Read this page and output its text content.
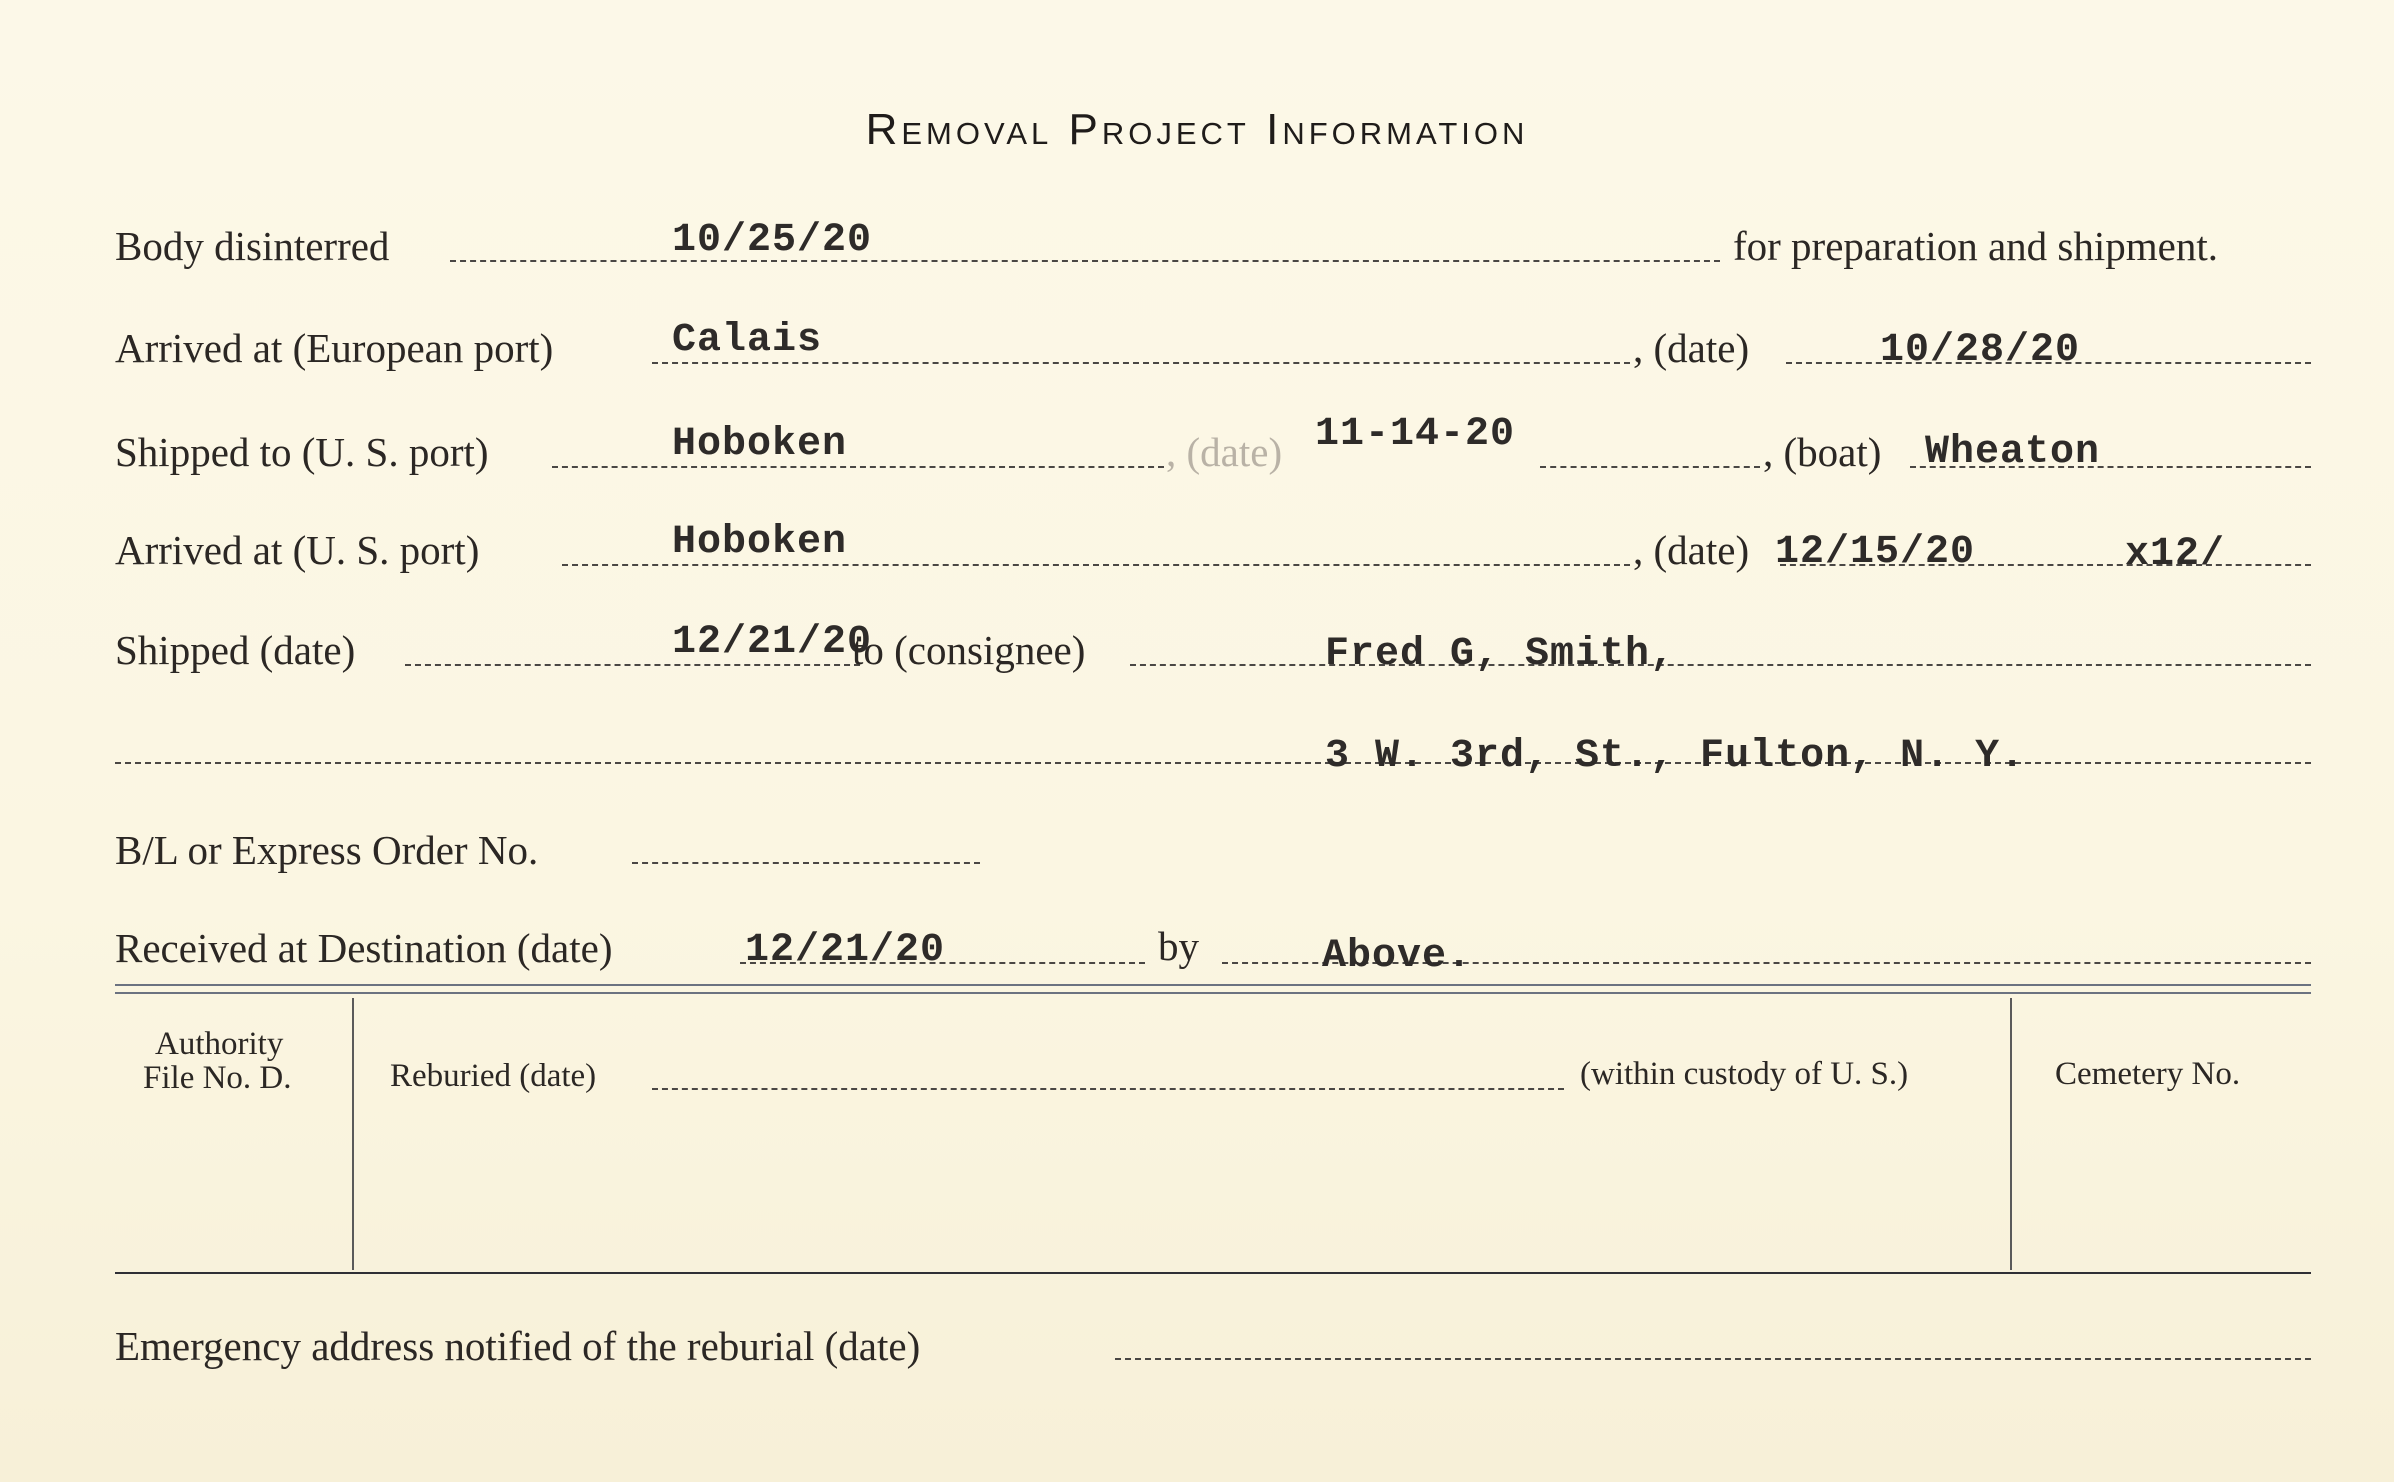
Removal Project Information
Body disinterred	10/25/20	for preparation and shipment.
Arrived at (European port)	Calais	, (date)	10/28/20
Shipped to (U. S. port)	Hoboken	, (date) 11-14-20	, (boat) Wheaton
Arrived at (U. S. port)	Hoboken	, (date) 12/15/20	x12/
Shipped (date)	12/21/20
to (consignee)	Fred G, Smith,
3 W. 3rd, St., Fulton, N. Y.
B/L or Express Order No.
Received at Destination (date)	12/21/20	by	Above.
Authority
File No. D.	Reburied (date)	(within custody of U. S.)	Cemetery No.
Emergency address notified of the reburial (date)
